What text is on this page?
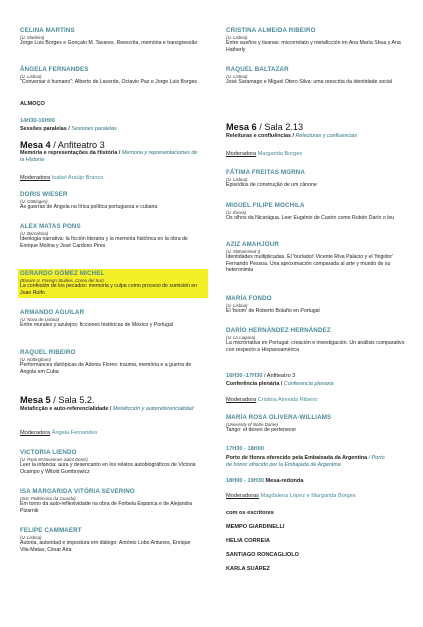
CELINA MARTINS
(U. Madeira)
Jorge Luis Borges e Gonçalo M. Tavares. Reescrita, memória e transgressão
ÂNGELA FERNANDES
(U. Lisboa)
"Conversar é humano": Alberto de Lacerda, Octavio Paz e Jorge Luis Borges
ALMOÇO
14H30-16H00
Sessões paralelas / Sesiones paralelas
Mesa 4 / Anfiteatro 3
Memória e representações da História / Memoria y representaciones de la Historia
Moderadora Isabel Araújo Branco
DORIS WIESER
(U. Göttingen)
As guerras de Angola na lírica política portuguesa e cubana
ALEX MATAS PONS
(U. Barcelona)
Ideologia narrativa: la ficción literaria y la memoria histórica en la obra de Enrique Molina y José Cardoso Pires
GERARDO GÓMEZ MICHEL
(Basam U. Foreign Studies, Corea del Sur)
La confesión de los pecados: memoria y culpa como proceso de sumisión en Juan Rulfo
ARMANDO AGUILAR
(U. Nova de Lisboa)
Entre murales y azulejos: ficciones históricas de México y Portugal
RAQUEL RIBEIRO
(U. Nottingham)
Performances distópicas de Adonis Flores: trauma, memória e a guerra de Angola em Cuba
Mesa 5 / Sala 5.2.
Metaficção e auto-referencialidade / Metaficción y autorreferencialidad
Moderadora Ângela Fernandes
VICTORIA LIENDO
(U. Paris 8/Vincennes-Saint Denis)
Leer la infancia: aura y desencanto en los relatos autobiográficos de Victoria Ocampo y Witold Gombrowicz
ISA MARGARIDA VITÓRIA SEVERINO
(Inst. Politécnico da Guarda)
Em torno da auto-reflexividade na obra de Forbela Espanca e de Alejandra Pizarnik
FELIPE CAMMAERT
(U. Lisboa)
Autoria, autoridad e impostura em diálogo: António Lobo Antunes, Enrique Vila-Matas, César Aira
CRISTINA ALMEIDA RIBEIRO
(U. Lisboa)
Entre sueños y tisanas: microrrelato y metaficción en Ana María Shua y Ana Hatherly
RAQUEL BALTAZAR
(U. Lisboa)
José Saramago e Miguel Otero Silva: uma reescrita da identidade social
Mesa 6 / Sala 2.13
Releituras e confluências / Relecturas y confluencias
Moderadora Margarida Borges
FÁTIMA FREITAS MORNA
(U. Lisboa)
Episódios de construção de um cânone
MIGUEL FILIPE MOCHILA
(U. Évora)
Os olhos da Nicarágua. Leer Eugénio de Castro como Rubén Darío o leu
AZIZ AMAHJOUR
(U. Mohammed I)
Identidades multiplicadas. El 'burlador' Vicente Riva Palacio y el 'fingidor' Fernando Pessoa. Una aproximación comparada al arte y mundo de su heteronimia
MARÍA FONDO
(U. Lisboa)
El 'boom' de Roberto Bolaño en Portugal
DARÍO HERNÁNDEZ HERNÁNDEZ
(U. La Laguna)
La microrrativa en Portugal: creación e investigación. Un análisis comparativo con respecto a Hispanoamérica
16H30 -17H30 / Anfiteatro 3
Conferência plenária / Conferencia plenaria
Moderadora Cristina Almeida Ribeiro
MARÍA ROSA OLIVERA-WILLIAMS
(University of Notre Dame)
Tango: el deseo de pertenecer
17H30 - 18H00
Porto de Honra oferecido pela Embaixada da Argentina / Porto
de honor ofrecido por la Embajada de Argentina
18H00 - 19H30 Mesa-redonda
Moderadoras Magdalena López e Margarida Borges
com os escritores
MEMPO GIARDINELLI
HELIA CORREIA
SANTIAGO RONCAGLIOLO
KARLA SUÁREZ
